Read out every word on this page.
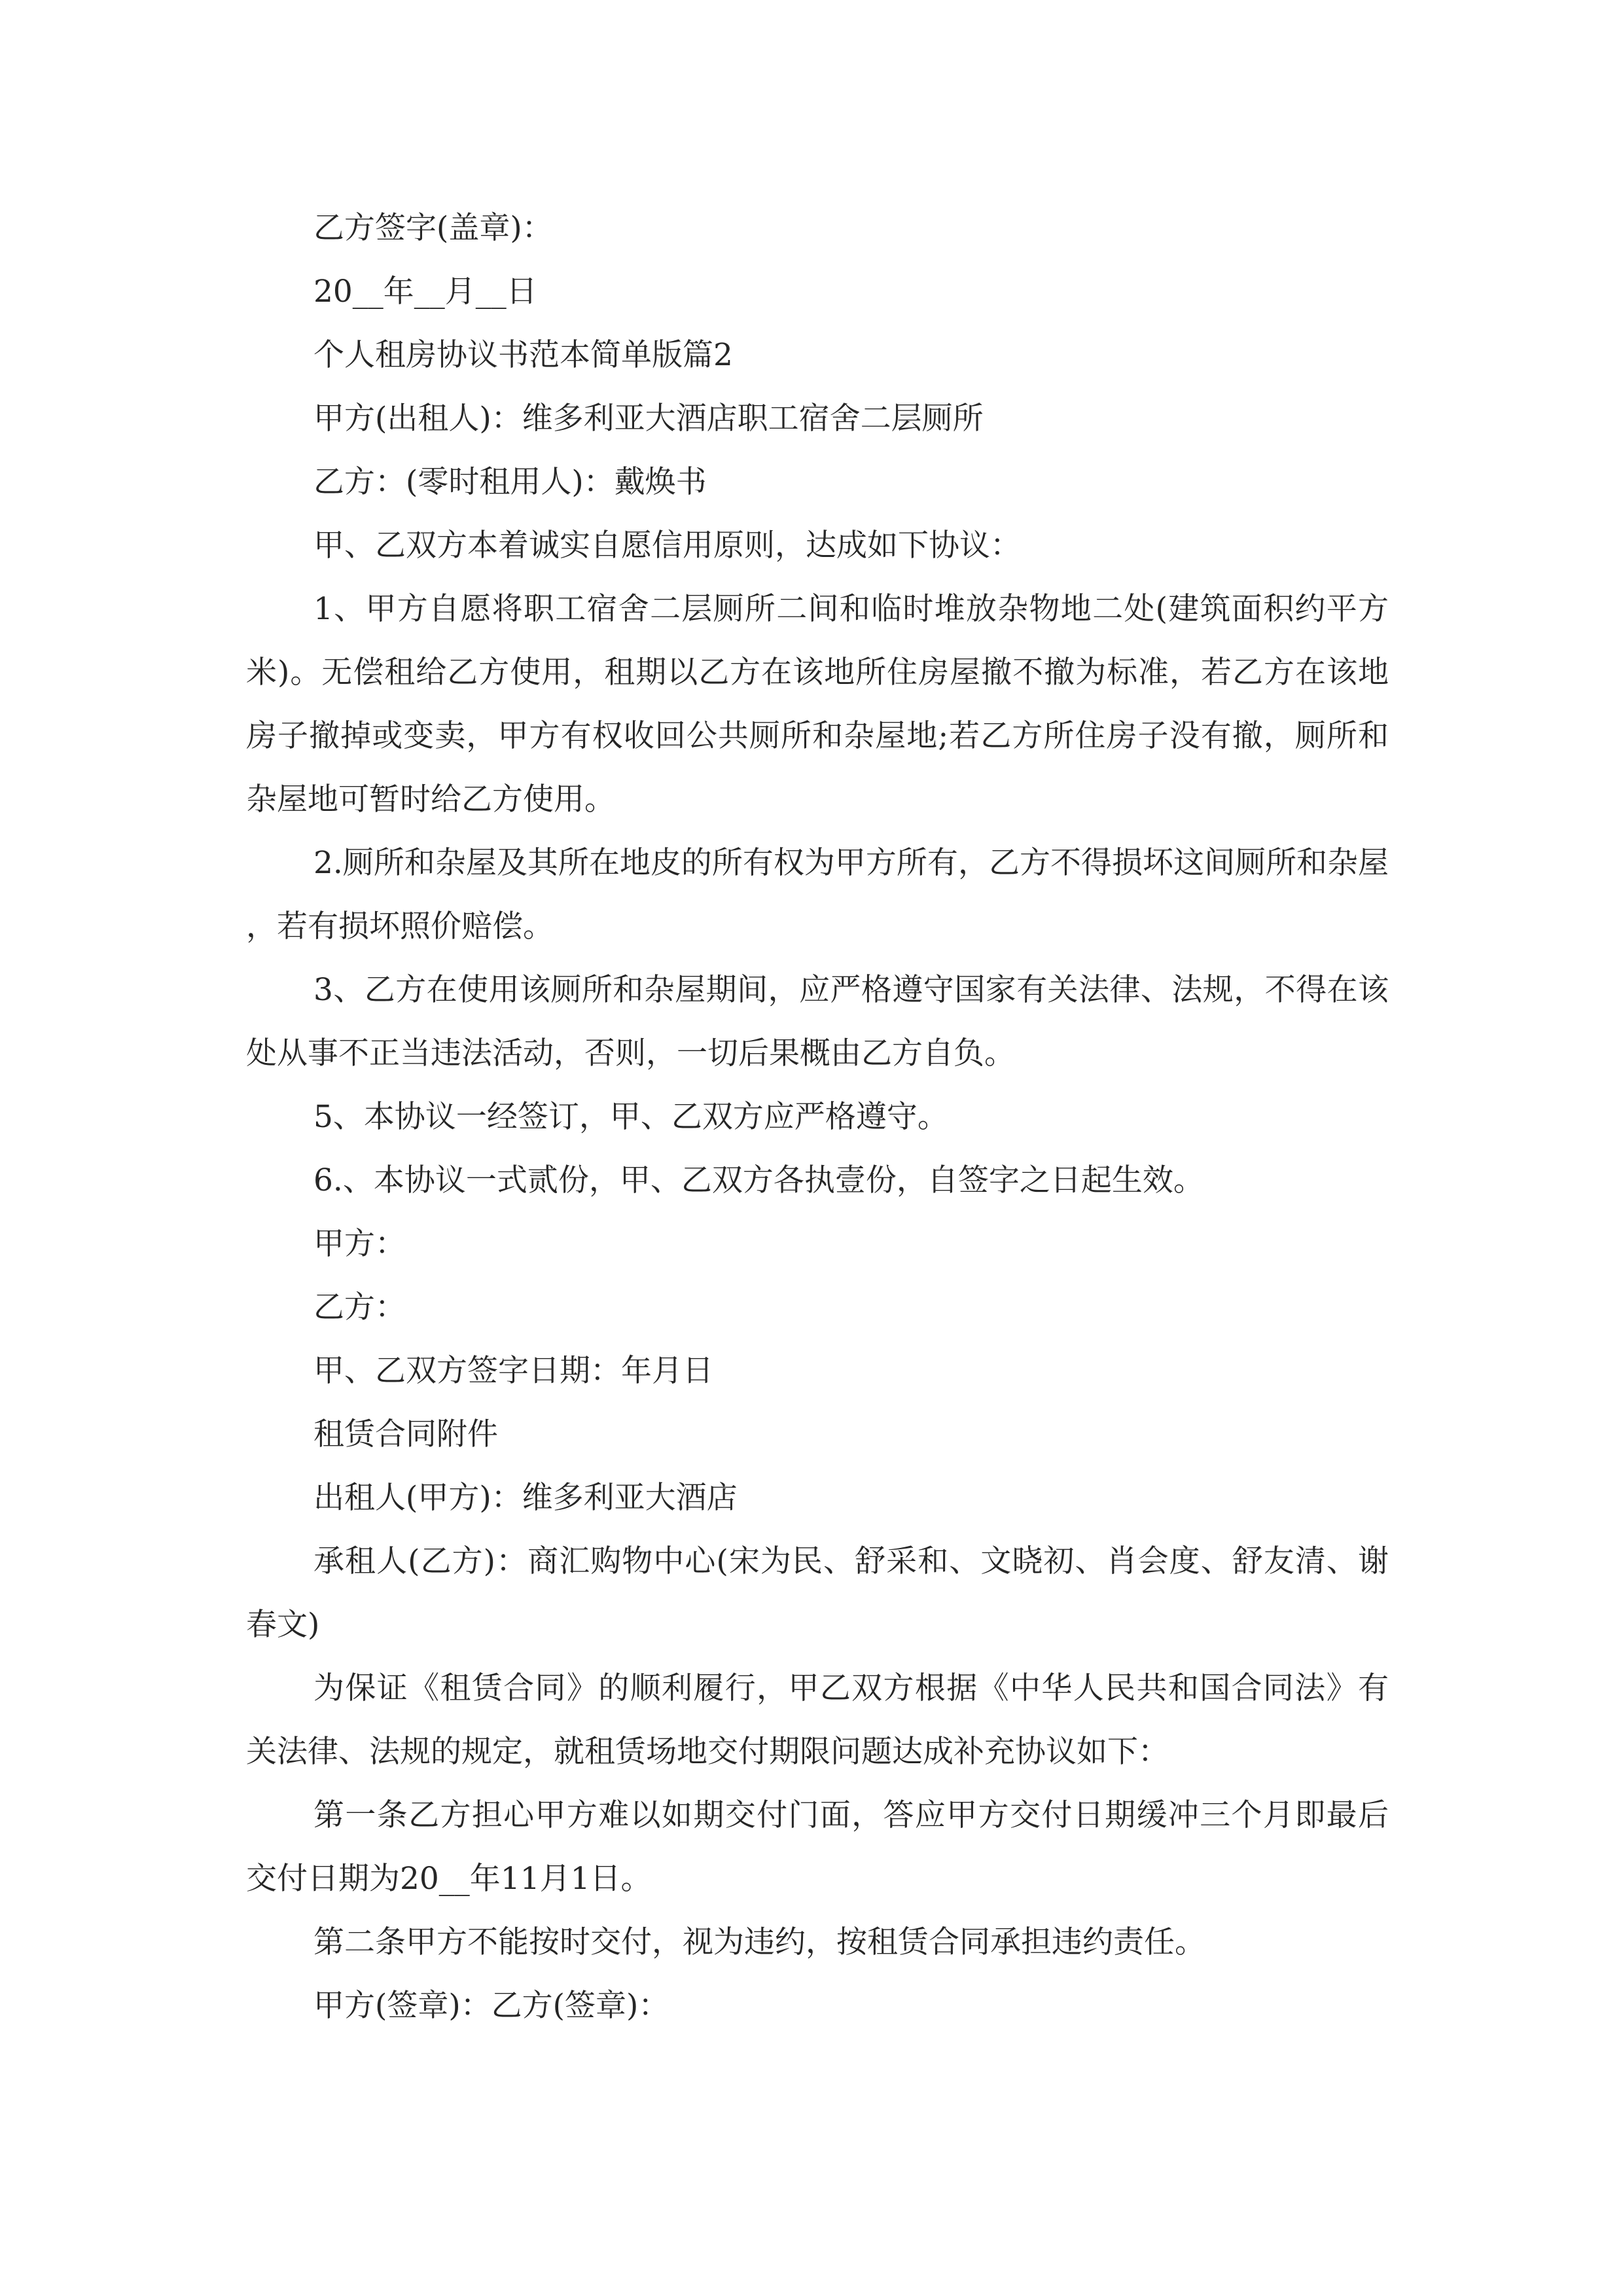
乙方签字(盖章)：

20__年__月__日

个人租房协议书范本简单版篇2

甲方(出租人)：维多利亚大酒店职工宿舍二层厕所

乙方：(零时租用人)：戴焕书

甲、乙双方本着诚实自愿信用原则，达成如下协议：

1、甲方自愿将职工宿舍二层厕所二间和临时堆放杂物地二处(建筑面积约平方米)。无偿租给乙方使用，租期以乙方在该地所住房屋撤不撤为标准，若乙方在该地房子撤掉或变卖，甲方有权收回公共厕所和杂屋地;若乙方所住房子没有撤，厕所和杂屋地可暂时给乙方使用。

2.厕所和杂屋及其所在地皮的所有权为甲方所有，乙方不得损坏这间厕所和杂屋，若有损坏照价赔偿。

3、乙方在使用该厕所和杂屋期间，应严格遵守国家有关法律、法规，不得在该处从事不正当违法活动，否则，一切后果概由乙方自负。

5、本协议一经签订，甲、乙双方应严格遵守。

6.、本协议一式贰份，甲、乙双方各执壹份，自签字之日起生效。

甲方：

乙方：

甲、乙双方签字日期：年月日

租赁合同附件

出租人(甲方)：维多利亚大酒店

承租人(乙方)：商汇购物中心(宋为民、舒采和、文晓初、肖会度、舒友清、谢春文)

为保证《租赁合同》的顺利履行，甲乙双方根据《中华人民共和国合同法》有关法律、法规的规定，就租赁场地交付期限问题达成补充协议如下：

第一条乙方担心甲方难以如期交付门面，答应甲方交付日期缓冲三个月即最后交付日期为20__年11月1日。

第二条甲方不能按时交付，视为违约，按租赁合同承担违约责任。

甲方(签章)：乙方(签章)：
